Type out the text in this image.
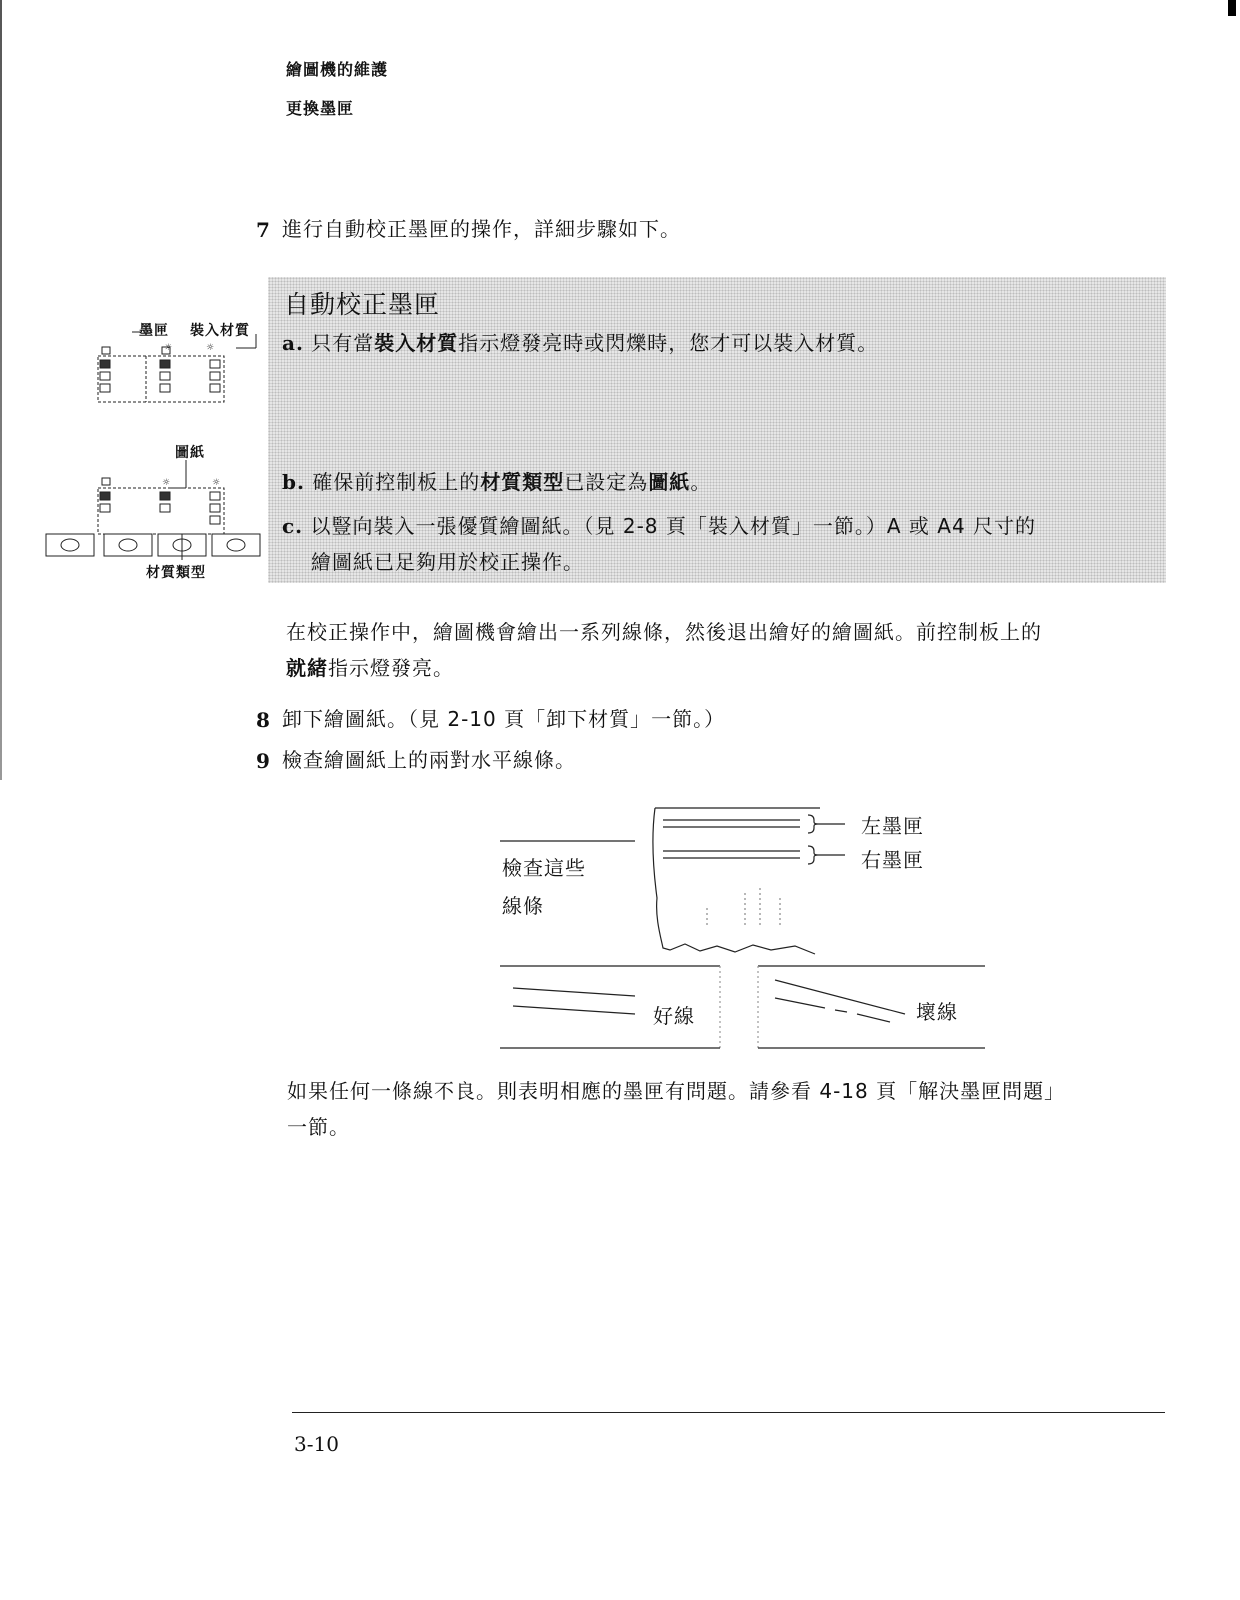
繪圖機的維護
更換墨匣
7 進行自動校正墨匣的操作，詳細步驟如下。
自動校正墨匣
a. 只有當裝入材質指示燈發亮時或閃爍時，您才可以裝入材質。
b. 確保前控制板上的材質類型已設定為圖紙。
c. 以豎向裝入一張優質繪圖紙。（見 2-8 頁「裝入材質」一節。）A 或 A4 尺寸的
繪圖紙已足夠用於校正操作。
墨匣 裝入材質
圖紙
材質類型
☼	☼
☼	☼
在校正操作中，繪圖機會繪出一系列線條，然後退出繪好的繪圖紙。前控制板上的
就緒指示燈發亮。
8 卸下繪圖紙。（見 2-10 頁「卸下材質」一節。）
9 檢查繪圖紙上的兩對水平線條。
檢查這些
線條
左墨匣
右墨匣
好線	壞線
如果任何一條線不良。則表明相應的墨匣有問題。請參看 4-18 頁「解決墨匣問題」
一節。
3-10
